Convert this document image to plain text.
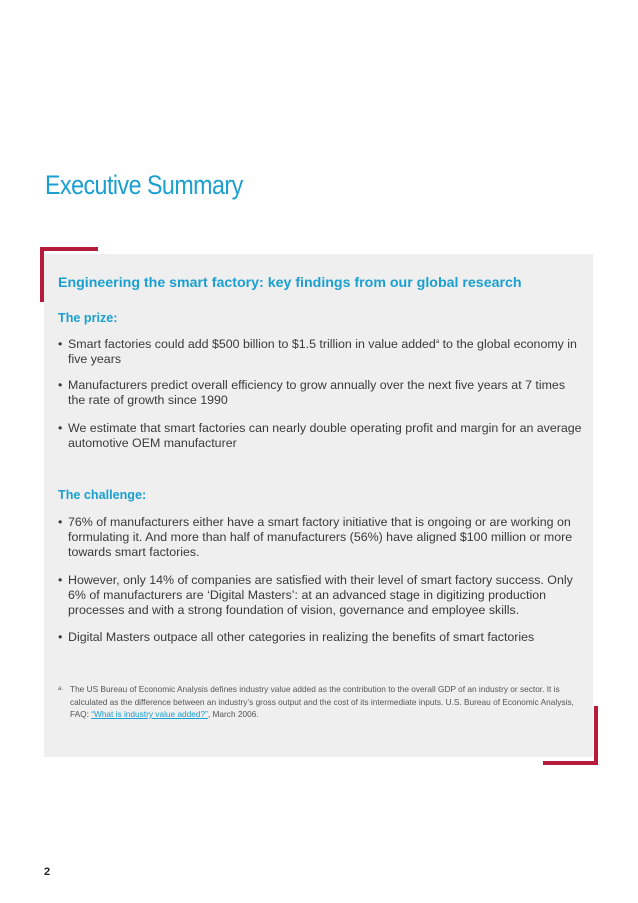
Executive Summary
Engineering the smart factory: key findings from our global research
The prize:
• Smart factories could add $500 billion to $1.5 trillion in value added$^a$ to the global economy in five years
• Manufacturers predict overall efficiency to grow annually over the next five years at 7 times the rate of growth since 1990
• We estimate that smart factories can nearly double operating profit and margin for an average automotive OEM manufacturer
The challenge:
• 76% of manufacturers either have a smart factory initiative that is ongoing or are working on formulating it. And more than half of manufacturers (56%) have aligned $100 million or more towards smart factories.
• However, only 14% of companies are satisfied with their level of smart factory success. Only 6% of manufacturers are ‘Digital Masters’: at an advanced stage in digitizing production processes and with a strong foundation of vision, governance and employee skills.
• Digital Masters outpace all other categories in realizing the benefits of smart factories
a. The US Bureau of Economic Analysis defines industry value added as the contribution to the overall GDP of an industry or sector. It is calculated as the difference between an industry’s gross output and the cost of its intermediate inputs. U.S. Bureau of Economic Analysis, FAQ: “What is industry value added?”, March 2006.
2
